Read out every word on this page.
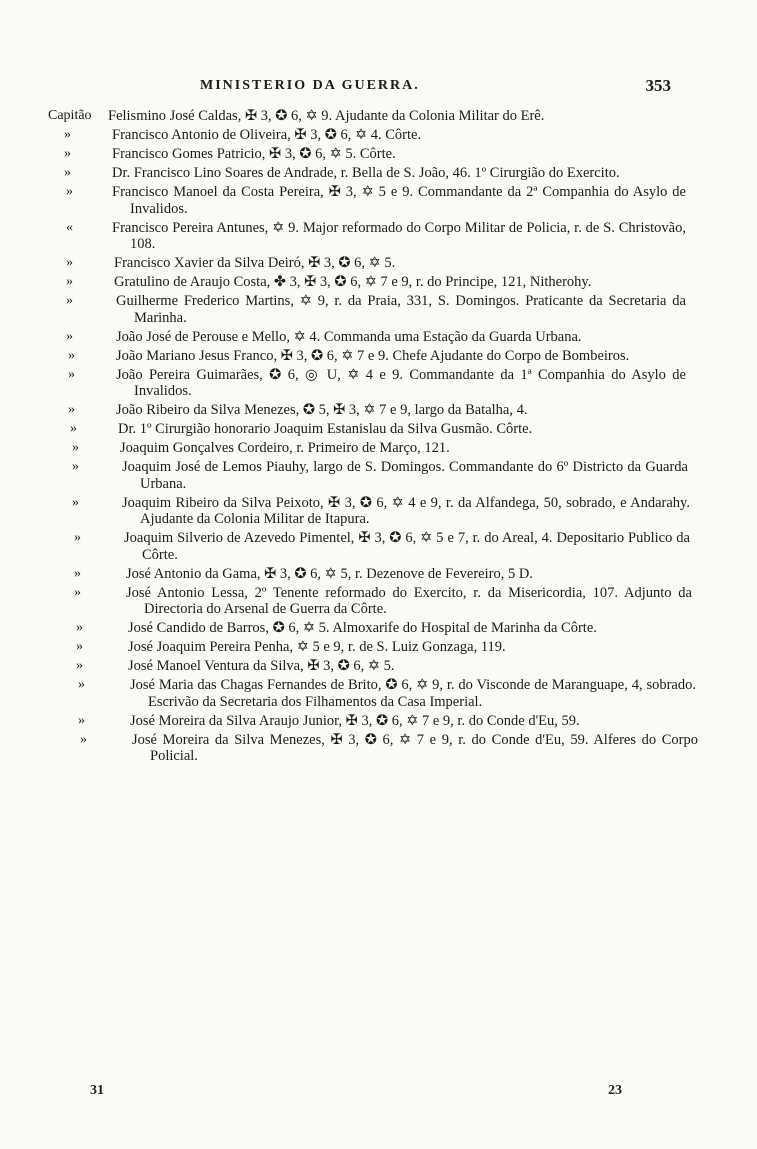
MINISTERIO DA GUERRA.	353
Capitão Felismino José Caldas, ✠ 3, ✪ 6, ✡ 9. Ajudante da Colonia Militar do Erê.
»	Francisco Antonio de Oliveira, ✠ 3, ✪ 6, ✡ 4. Côrte.
»	Francisco Gomes Patricio, ✠ 3, ✪ 6, ✡ 5. Côrte.
»	Dr. Francisco Lino Soares de Andrade, r. Bella de S. João, 46. 1º Cirurgião do Exercito.
»	Francisco Manoel da Costa Pereira, ✠ 3, ✡ 5 e 9. Commandante da 2ª Companhia do Asylo de Invalidos.
«	Francisco Pereira Antunes, ✡ 9. Major reformado do Corpo Militar de Policia, r. de S. Christovão, 108.
»	Francisco Xavier da Silva Deiró, ✠ 3, ✪ 6, ✡ 5.
»	Gratulino de Araujo Costa, ✤ 3, ✠ 3, ✪ 6, ✡ 7 e 9, r. do Principe, 121, Nitherohy.
»	Guilherme Frederico Martins, ✡ 9, r. da Praia, 331, S. Domingos. Praticante da Secretaria da Marinha.
»	João José de Perouse e Mello, ✡ 4. Commanda uma Estação da Guarda Urbana.
»	João Mariano Jesus Franco, ✠ 3, ✪ 6, ✡ 7 e 9. Chefe Ajudante do Corpo de Bombeiros.
»	João Pereira Guimarães, ✪ 6, ◎ U, ✡ 4 e 9. Commandante da 1ª Companhia do Asylo de Invalidos.
»	João Ribeiro da Silva Menezes, ✪ 5, ✠ 3, ✡ 7 e 9, largo da Batalha, 4.
»	Dr. 1º Cirurgião honorario Joaquim Estanislau da Silva Gusmão. Côrte.
»	Joaquim Gonçalves Cordeiro, r. Primeiro de Março, 121.
»	Joaquim José de Lemos Piauhy, largo de S. Domingos. Commandante do 6º Districto da Guarda Urbana.
»	Joaquim Ribeiro da Silva Peixoto, ✠ 3, ✪ 6, ✡ 4 e 9, r. da Alfandega, 50, sobrado, e Andarahy. Ajudante da Colonia Militar de Itapura.
»	Joaquim Silverio de Azevedo Pimentel, ✠ 3, ✪ 6, ✡ 5 e 7, r. do Areal, 4. Depositario Publico da Côrte.
»	José Antonio da Gama, ✠ 3, ✪ 6, ✡ 5, r. Dezenove de Fevereiro, 5 D.
»	José Antonio Lessa, 2º Tenente reformado do Exercito, r. da Misericordia, 107. Adjunto da Directoria do Arsenal de Guerra da Côrte.
»	José Candido de Barros, ✪ 6, ✡ 5. Almoxarife do Hospital de Marinha da Côrte.
»	José Joaquim Pereira Penha, ✡ 5 e 9, r. de S. Luiz Gonzaga, 119.
»	José Manoel Ventura da Silva, ✠ 3, ✪ 6, ✡ 5.
»	José Maria das Chagas Fernandes de Brito, ✪ 6, ✡ 9, r. do Visconde de Maranguape, 4, sobrado. Escrivão da Secretaria dos Filhamentos da Casa Imperial.
»	José Moreira da Silva Araujo Junior, ✠ 3, ✪ 6, ✡ 7 e 9, r. do Conde d'Eu, 59.
»	José Moreira da Silva Menezes, ✠ 3, ✪ 6, ✡ 7 e 9, r. do Conde d'Eu, 59. Alferes do Corpo Policial.
31	23
